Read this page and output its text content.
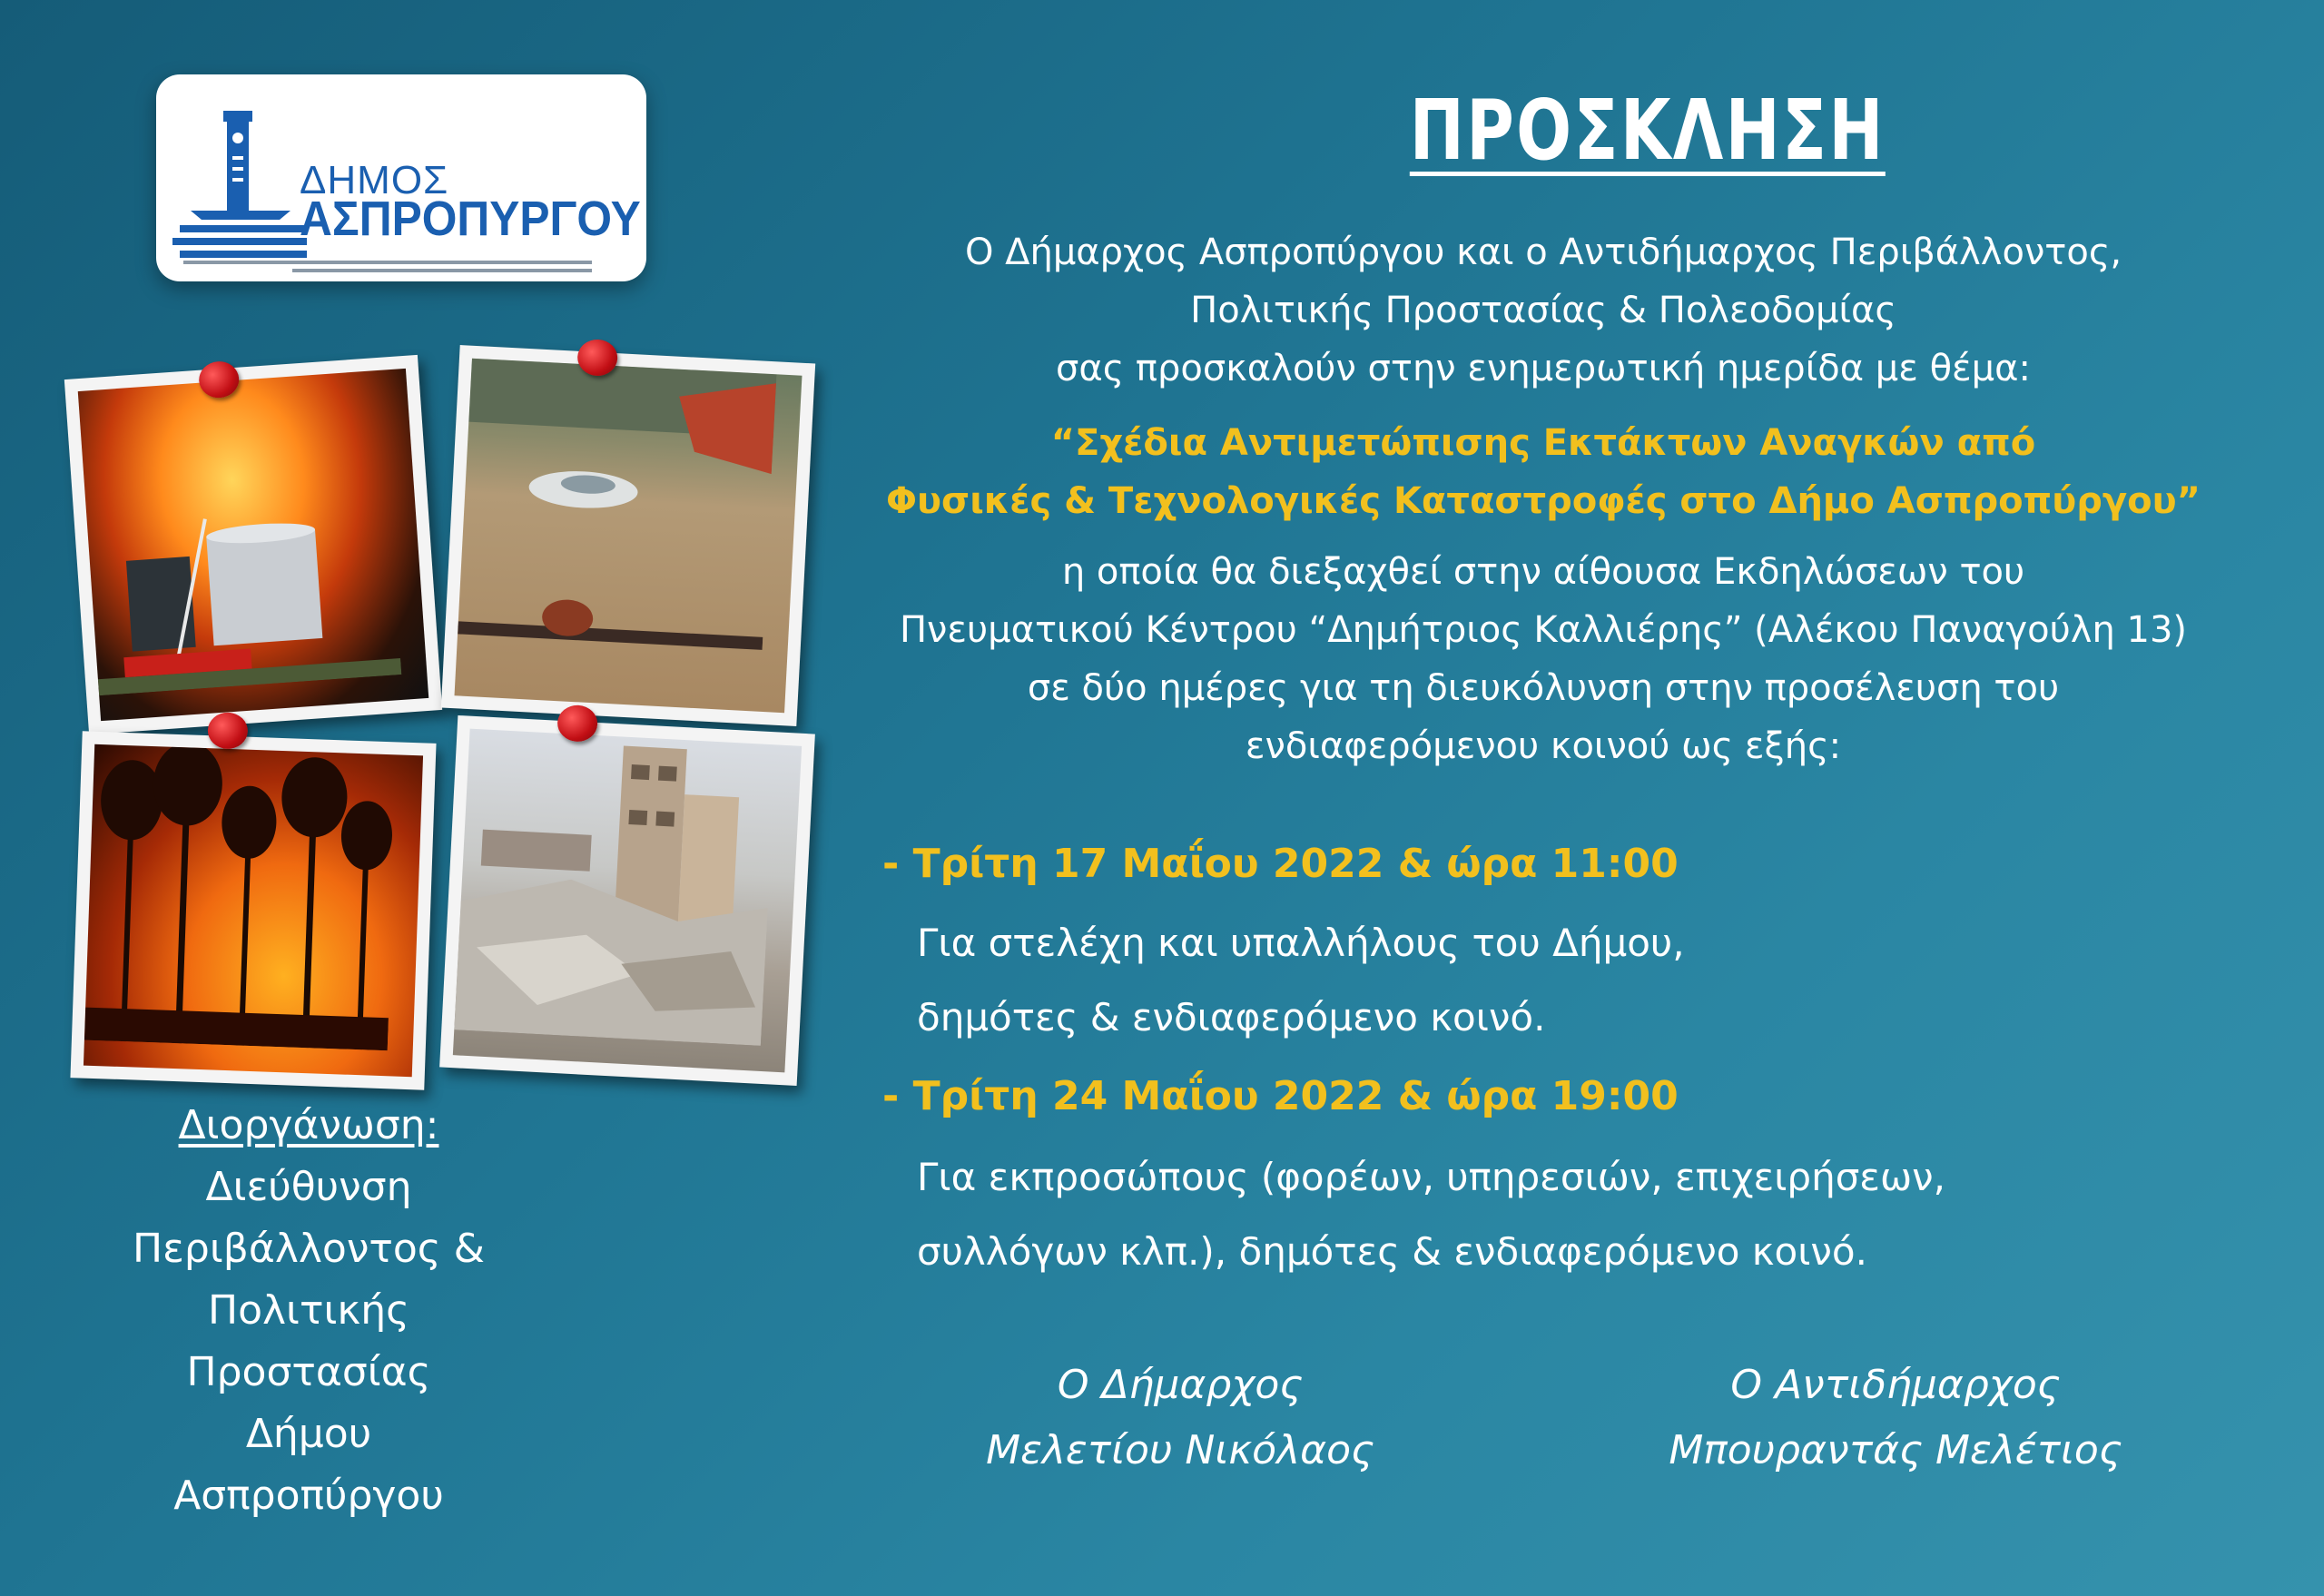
ΔΗΜΟΣ
ΑΣΠΡΟΠΥΡΓΟΥ
Διοργάνωση:
Διεύθυνση
Περιβάλλοντος &
Πολιτικής Προστασίας
Δήμου Ασπροπύργου
ΠΡΟΣΚΛΗΣΗ
Ο Δήμαρχος Ασπροπύργου και ο Αντιδήμαρχος Περιβάλλοντος,
Πολιτικής Προστασίας & Πολεοδομίας
σας προσκαλούν στην ενημερωτική ημερίδα με θέμα:
“Σχέδια Αντιμετώπισης Εκτάκτων Αναγκών από
Φυσικές & Τεχνολογικές Καταστροφές στο Δήμο Ασπροπύργου”
η οποία θα διεξαχθεί στην αίθουσα Εκδηλώσεων του
Πνευματικού Κέντρου “Δημήτριος Καλλιέρης” (Αλέκου Παναγούλη 13)
σε δύο ημέρες για τη διευκόλυνση στην προσέλευση του
ενδιαφερόμενου κοινού ως εξής:
- Τρίτη 17 Μαΐου 2022 & ώρα 11:00
Για στελέχη και υπαλλήλους του Δήμου,
δημότες & ενδιαφερόμενο κοινό.
- Τρίτη 24 Μαΐου 2022 & ώρα 19:00
Για εκπροσώπους (φορέων, υπηρεσιών, επιχειρήσεων,
συλλόγων κλπ.), δημότες & ενδιαφερόμενο κοινό.
Ο Δήμαρχος
Μελετίου Νικόλαος
Ο Αντιδήμαρχος
Μπουραντάς Μελέτιος
